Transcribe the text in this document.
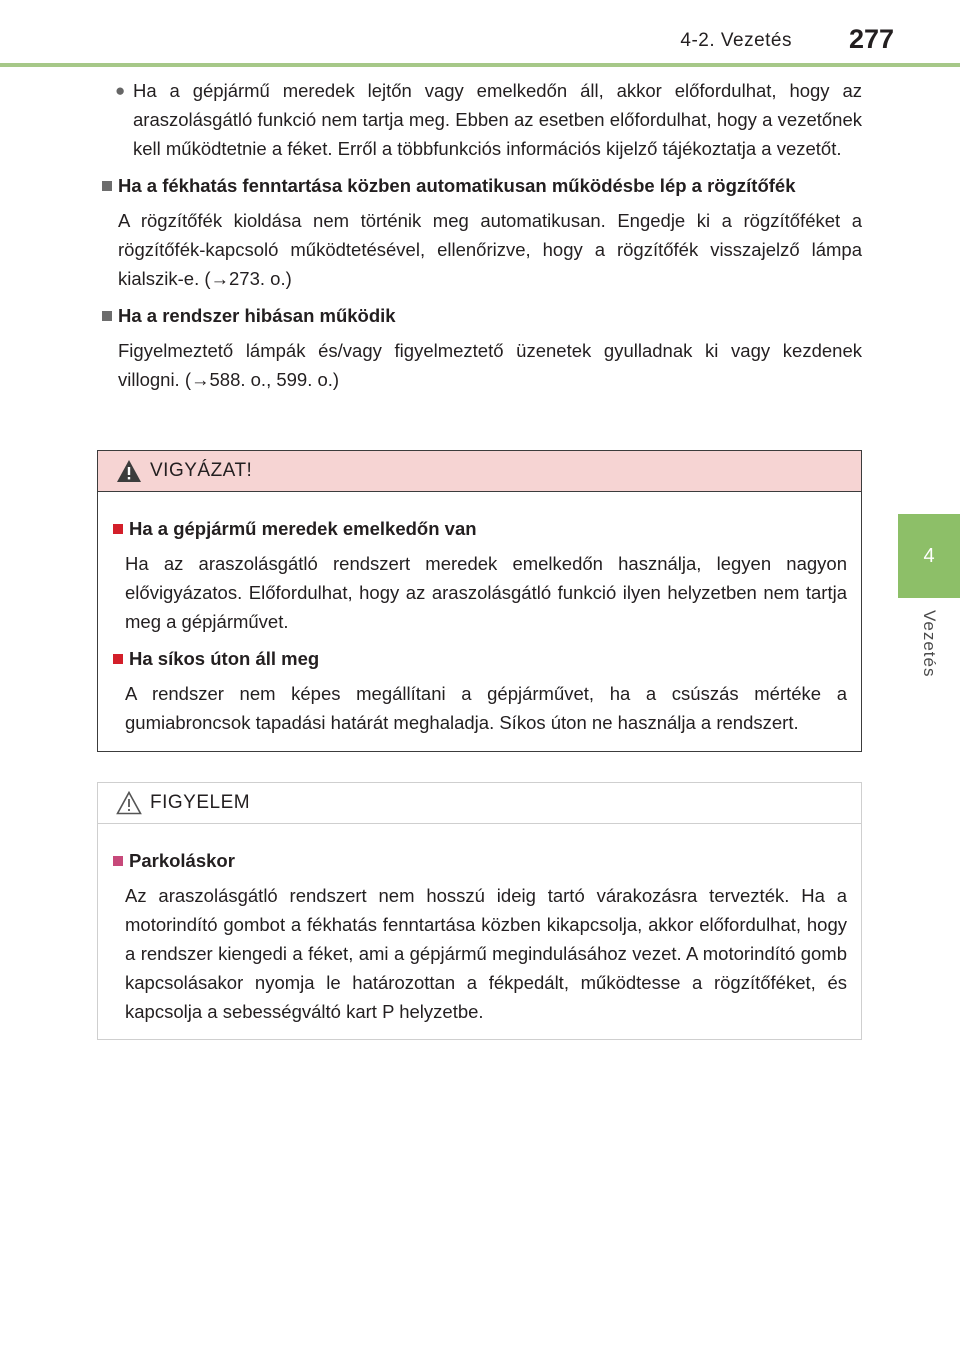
4-2. Vezetés 277
4
Vezetés
● Ha a gépjármű meredek lejtőn vagy emelkedőn áll, akkor előfordulhat, hogy az araszolásgátló funkció nem tartja meg. Ebben az esetben előfordulhat, hogy a vezetőnek kell működtetnie a féket. Erről a többfunkciós információs kijelző tájékoztatja a vezetőt.

Ha a fékhatás fenntartása közben automatikusan működésbe lép a rögzítőfék

A rögzítőfék kioldása nem történik meg automatikusan. Engedje ki a rögzítőféket a rögzítőfék-kapcsoló működtetésével, ellenőrizve, hogy a rögzítőfék visszajelző lámpa kialszik-e. (→273. o.)

Ha a rendszer hibásan működik

Figyelmeztető lámpák és/vagy figyelmeztető üzenetek gyulladnak ki vagy kezdenek villogni. (→588. o., 599. o.)

VIGYÁZAT!
Ha a gépjármű meredek emelkedőn van

Ha az araszolásgátló rendszert meredek emelkedőn használja, legyen nagyon elővigyázatos. Előfordulhat, hogy az araszolásgátló funkció ilyen helyzetben nem tartja meg a gépjárművet.

Ha síkos úton áll meg

A rendszer nem képes megállítani a gépjárművet, ha a csúszás mértéke a gumiabroncsok tapadási határát meghaladja. Síkos úton ne használja a rendszert.

FIGYELEM
Parkoláskor

Az araszolásgátló rendszert nem hosszú ideig tartó várakozásra tervezték. Ha a motorindító gombot a fékhatás fenntartása közben kikapcsolja, akkor előfordulhat, hogy a rendszer kiengedi a féket, ami a gépjármű megindulásához vezet. A motorindító gomb kapcsolásakor nyomja le határozottan a fékpedált, működtesse a rögzítőféket, és kapcsolja a sebességváltó kart P helyzetbe.
